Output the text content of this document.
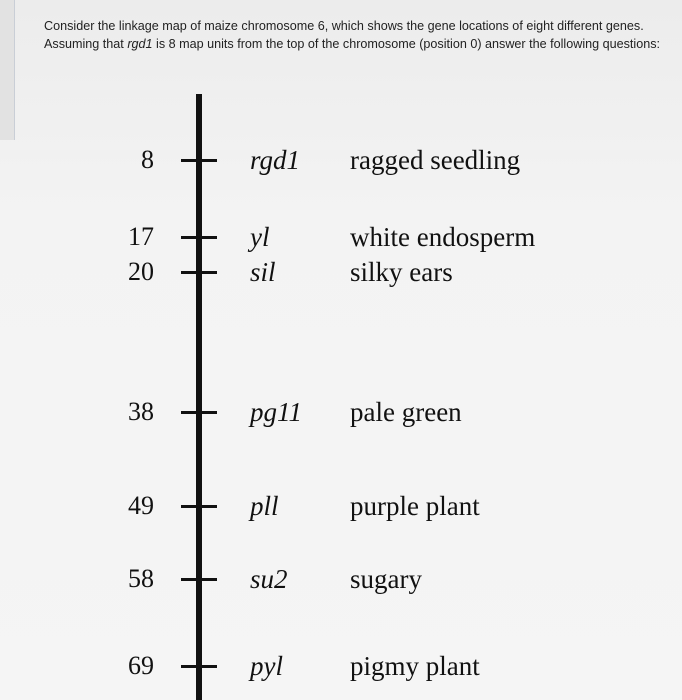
Consider the linkage map of maize chromosome 6, which shows the gene locations of eight different genes. Assuming that rgd1 is 8 map units from the top of the chromosome (position 0) answer the following questions:

8	rgd1 ragged seedling
17	yl	white endosperm
20	sil	silky ears
38	pg11 pale green
49	pll	purple plant
58	su2 sugary
69	pyl pigmy plant
